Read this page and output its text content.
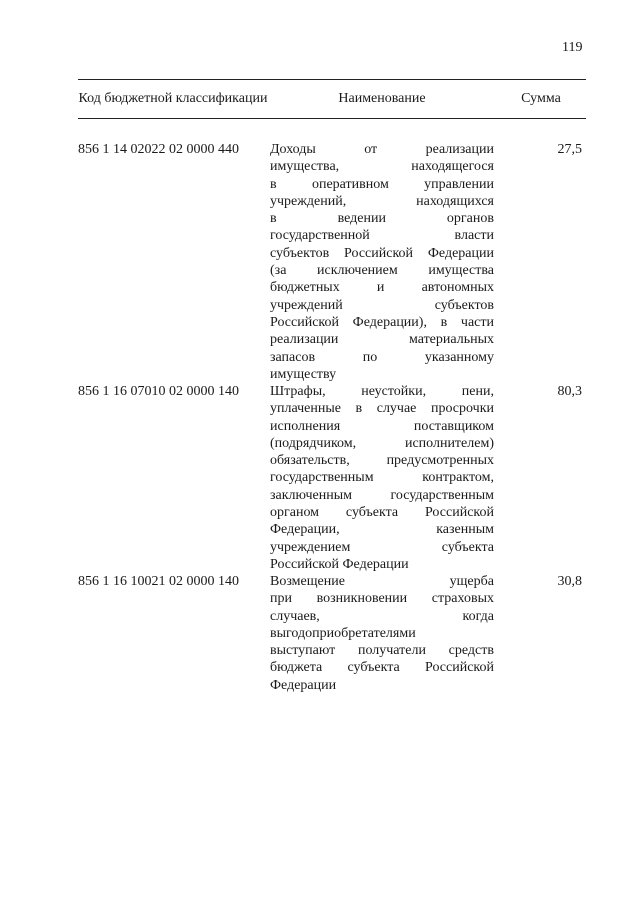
119
Код бюджетной классификации	Наименование	Сумма
856 1 14 02022 02 0000 440 Доходы от реализации
имущества, находящегося
в оперативном управлении
учреждений, находящихся
в ведении органов
государственной власти
субъектов Российской Федерации
(за исключением имущества
бюджетных и автономных
учреждений субъектов
Российской Федерации), в части
реализации материальных
запасов по указанному
имуществу
27,5
856 1 16 07010 02 0000 140 Штрафы, неустойки, пени,
уплаченные в случае просрочки
исполнения поставщиком
(подрядчиком, исполнителем)
обязательств, предусмотренных
государственным контрактом,
заключенным государственным
органом субъекта Российской
Федерации, казенным
учреждением субъекта
Российской Федерации
80,3
856 1 16 10021 02 0000 140 Возмещение ущерба
при возникновении страховых
случаев, когда
выгодоприобретателями
выступают получатели средств
бюджета субъекта Российской
Федерации
30,8
